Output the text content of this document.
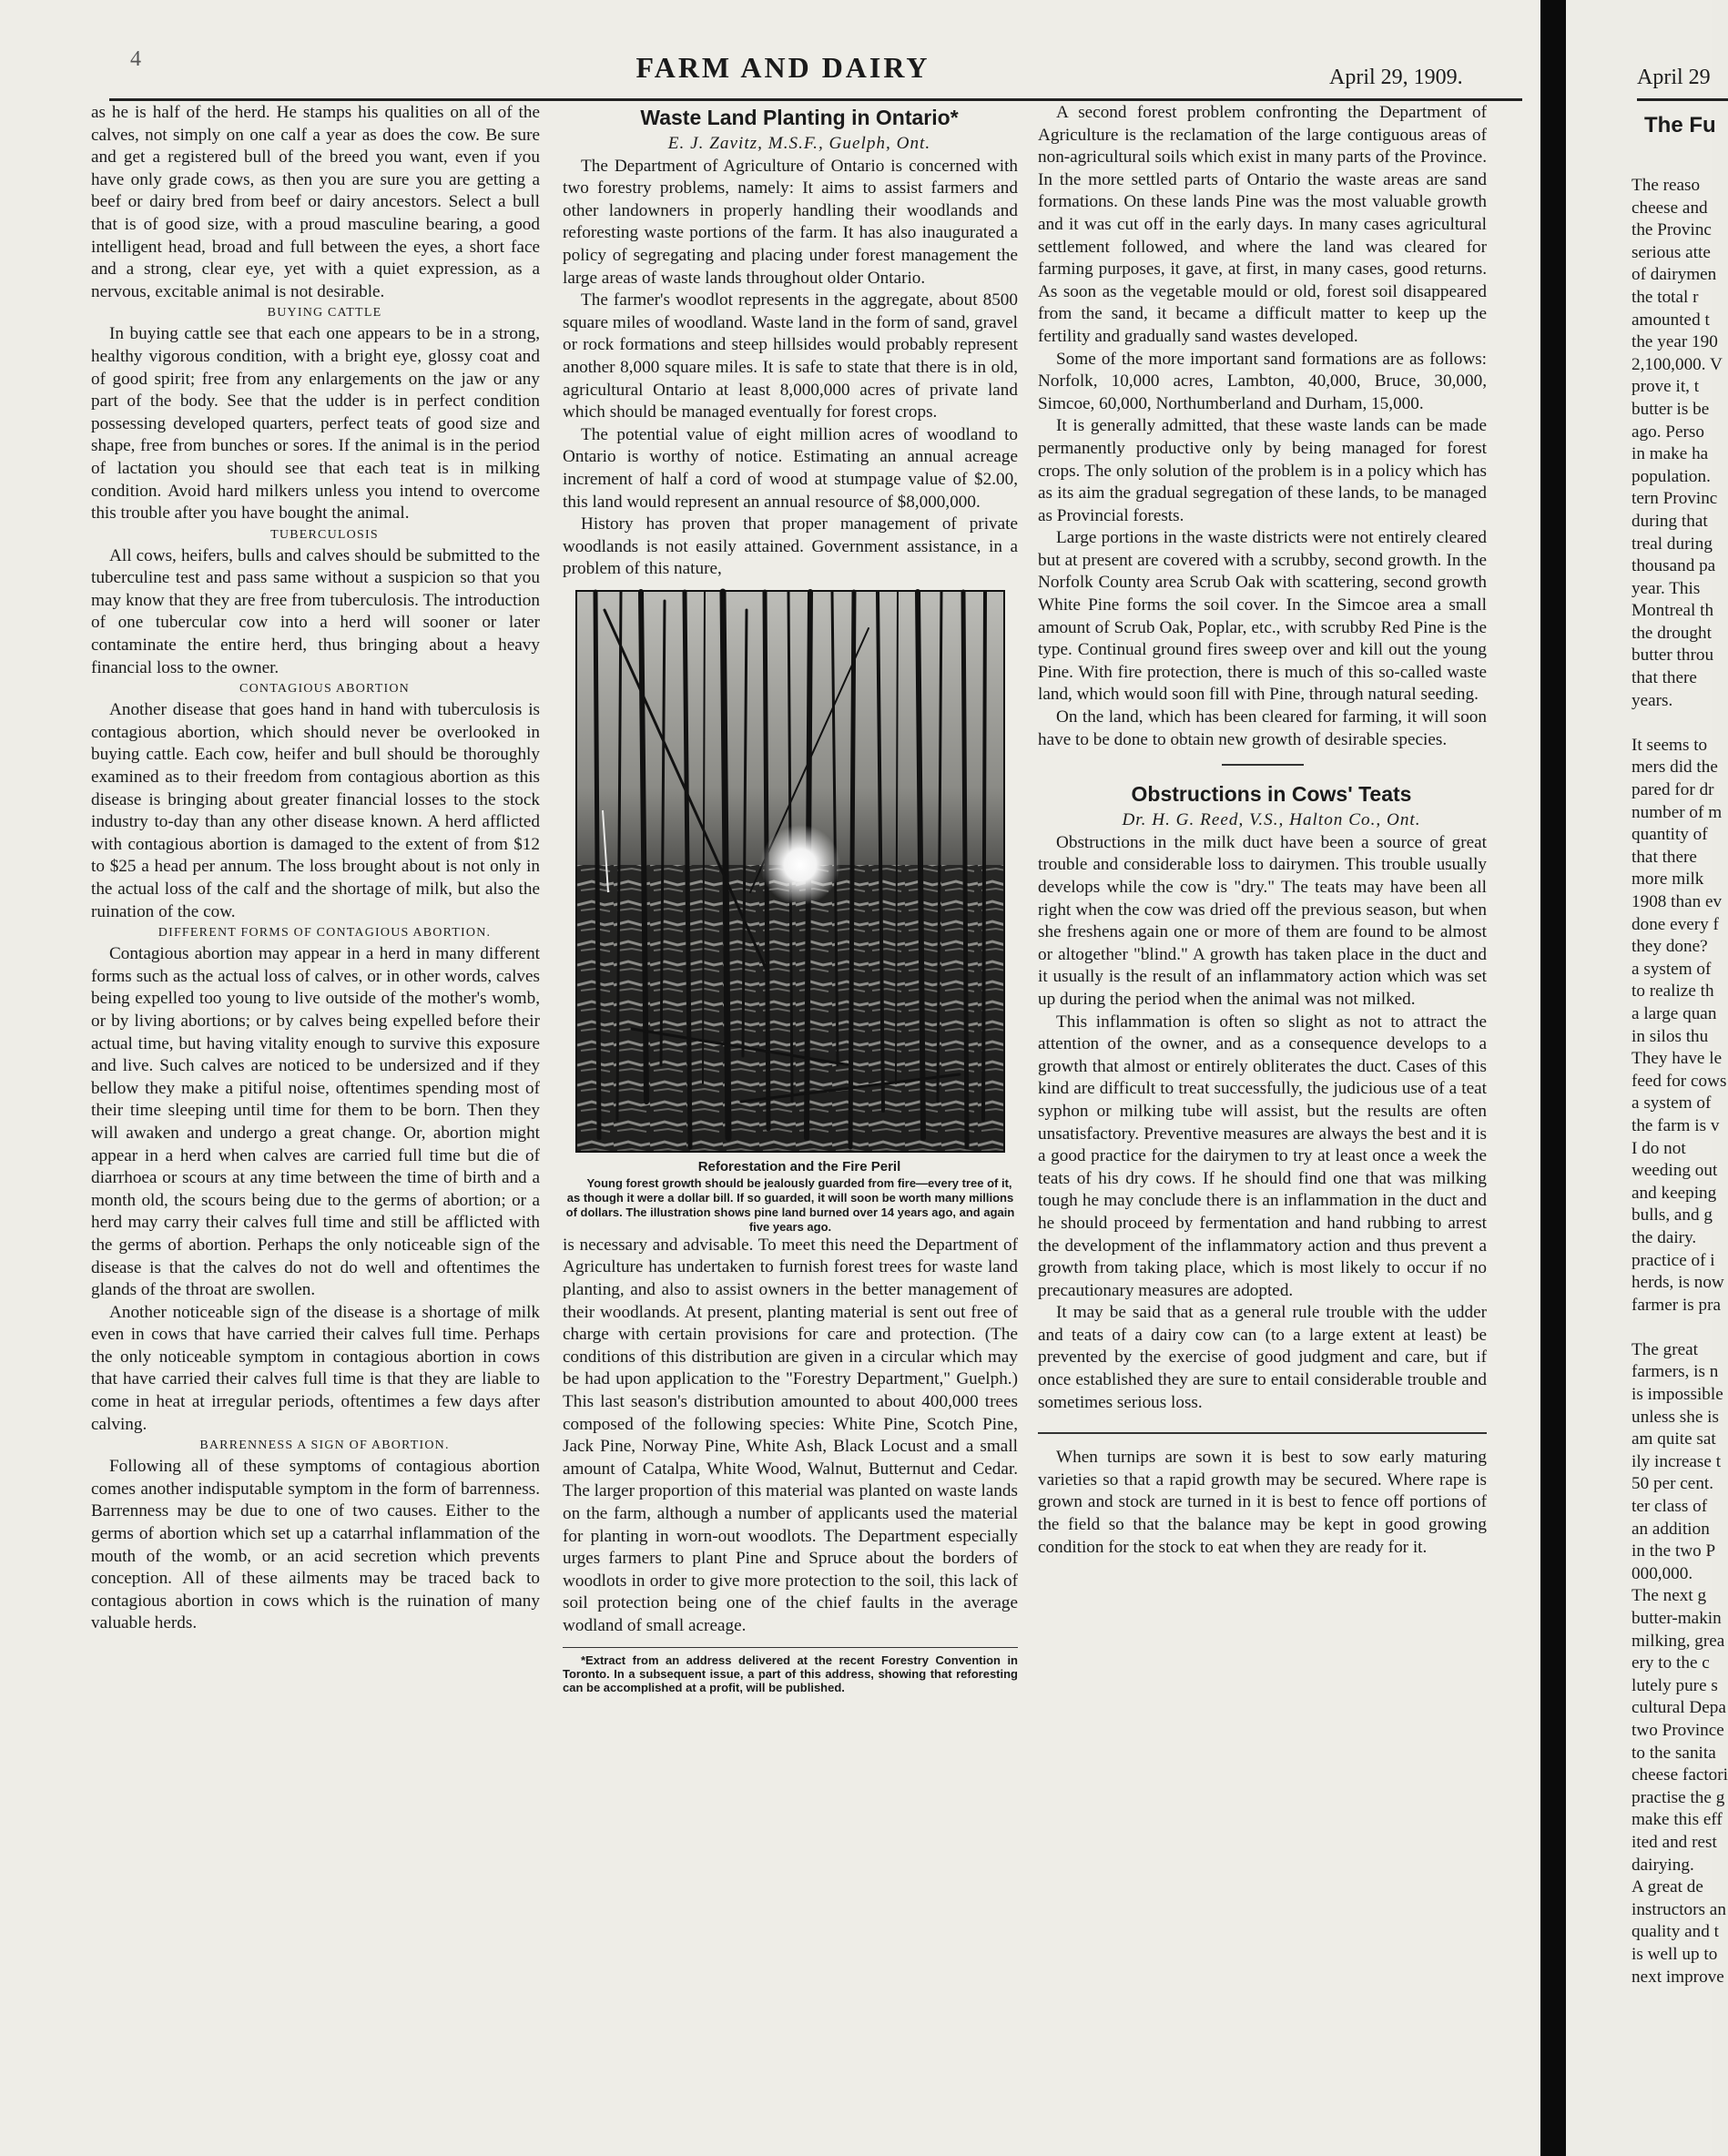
4	FARM AND DAIRY	April 29, 1909.

as he is half of the herd. He stamps his qualities on all of the calves, not simply on one calf a year as does the cow. Be sure and get a registered bull of the breed you want, even if you have only grade cows, as then you are sure you are getting a beef or dairy bred from beef or dairy ancestors. Select a bull that is of good size, with a proud masculine bearing, a good intelligent head, broad and full between the eyes, a short face and a strong, clear eye, yet with a quiet expression, as a nervous, excitable animal is not desirable.

BUYING CATTLE

In buying cattle see that each one appears to be in a strong, healthy vigorous condition, with a bright eye, glossy coat and of good spirit; free from any enlargements on the jaw or any part of the body. See that the udder is in perfect condition possessing developed quarters, perfect teats of good size and shape, free from bunches or sores. If the animal is in the period of lactation you should see that each teat is in milking condition. Avoid hard milkers unless you intend to overcome this trouble after you have bought the animal.

TUBERCULOSIS

All cows, heifers, bulls and calves should be submitted to the tuberculine test and pass same without a suspicion so that you may know that they are free from tuberculosis. The introduction of one tubercular cow into a herd will sooner or later contaminate the entire herd, thus bringing about a heavy financial loss to the owner.

CONTAGIOUS ABORTION

Another disease that goes hand in hand with tuberculosis is contagious abortion, which should never be overlooked in buying cattle. Each cow, heifer and bull should be thoroughly examined as to their freedom from contagious abortion as this disease is bringing about greater financial losses to the stock industry to-day than any other disease known. A herd afflicted with contagious abortion is damaged to the extent of from $12 to $25 a head per annum. The loss brought about is not only in the actual loss of the calf and the shortage of milk, but also the ruination of the cow.

DIFFERENT FORMS OF CONTAGIOUS ABORTION.

Contagious abortion may appear in a herd in many different forms such as the actual loss of calves, or in other words, calves being expelled too young to live outside of the mother's womb, or by living abortions; or by calves being expelled before their actual time, but having vitality enough to survive this exposure and live. Such calves are noticed to be undersized and if they bellow they make a pitiful noise, oftentimes spending most of their time sleeping until time for them to be born. Then they will awaken and undergo a great change. Or, abortion might appear in a herd when calves are carried full time but die of diarrhoea or scours at any time between the time of birth and a month old, the scours being due to the germs of abortion; or a herd may carry their calves full time and still be afflicted with the germs of abortion. Perhaps the only noticeable sign of the disease is that the calves do not do well and oftentimes the glands of the throat are swollen.

Another noticeable sign of the disease is a shortage of milk even in cows that have carried their calves full time. Perhaps the only noticeable symptom in contagious abortion in cows that have carried their calves full time is that they are liable to come in heat at irregular periods, oftentimes a few days after calving.

BARRENNESS A SIGN OF ABORTION.

Following all of these symptoms of contagious abortion comes another indisputable symptom in the form of barrenness. Barrenness may be due to one of two causes. Either to the germs of abortion which set up a catarrhal inflammation of the mouth of the womb, or an acid secretion which prevents conception. All of these ailments may be traced back to contagious abortion in cows which is the ruination of many valuable herds.

Waste Land Planting in Ontario*

E. J. Zavitz, M.S.F., Guelph, Ont.

The Department of Agriculture of Ontario is concerned with two forestry problems, namely: It aims to assist farmers and other landowners in properly handling their woodlands and reforesting waste portions of the farm. It has also inaugurated a policy of segregating and placing under forest management the large areas of waste lands throughout older Ontario.

The farmer's woodlot represents in the aggregate, about 8500 square miles of woodland. Waste land in the form of sand, gravel or rock formations and steep hillsides would probably represent another 8,000 square miles. It is safe to state that there is in old, agricultural Ontario at least 8,000,000 acres of private land which should be managed eventually for forest crops.

The potential value of eight million acres of woodland to Ontario is worthy of notice. Estimating an annual acreage increment of half a cord of wood at stumpage value of $2.00, this land would represent an annual resource of $8,000,000.

History has proven that proper management of private woodlands is not easily attained. Government assistance, in a problem of this nature,

Reforestation and the Fire Peril

Young forest growth should be jealously guarded from fire—every tree of it, as though it were a dollar bill. If so guarded, it will soon be worth many millions of dollars. The illustration shows pine land burned over 14 years ago, and again five years ago.

is necessary and advisable. To meet this need the Department of Agriculture has undertaken to furnish forest trees for waste land planting, and also to assist owners in the better management of their woodlands. At present, planting material is sent out free of charge with certain provisions for care and protection. (The conditions of this distribution are given in a circular which may be had upon application to the "Forestry Department," Guelph.) This last season's distribution amounted to about 400,000 trees composed of the following species: White Pine, Scotch Pine, Jack Pine, Norway Pine, White Ash, Black Locust and a small amount of Catalpa, White Wood, Walnut, Butternut and Cedar. The larger proportion of this material was planted on waste lands on the farm, although a number of applicants used the material for planting in worn-out woodlots. The Department especially urges farmers to plant Pine and Spruce about the borders of woodlots in order to give more protection to the soil, this lack of soil protection being one of the chief faults in the average wodland of small acreage.

*Extract from an address delivered at the recent Forestry Convention in Toronto. In a subsequent issue, a part of this address, showing that reforesting can be accomplished at a profit, will be published.

A second forest problem confronting the Department of Agriculture is the reclamation of the large contiguous areas of non-agricultural soils which exist in many parts of the Province. In the more settled parts of Ontario the waste areas are sand formations. On these lands Pine was the most valuable growth and it was cut off in the early days. In many cases agricultural settlement followed, and where the land was cleared for farming purposes, it gave, at first, in many cases, good returns. As soon as the vegetable mould or old, forest soil disappeared from the sand, it became a difficult matter to keep up the fertility and gradually sand wastes developed.

Some of the more important sand formations are as follows: Norfolk, 10,000 acres, Lambton, 40,000, Bruce, 30,000, Simcoe, 60,000, Northumberland and Durham, 15,000.

It is generally admitted, that these waste lands can be made permanently productive only by being managed for forest crops. The only solution of the problem is in a policy which has as its aim the gradual segregation of these lands, to be managed as Provincial forests.

Large portions in the waste districts were not entirely cleared but at present are covered with a scrubby, second growth. In the Norfolk County area Scrub Oak with scattering, second growth White Pine forms the soil cover. In the Simcoe area a small amount of Scrub Oak, Poplar, etc., with scrubby Red Pine is the type. Continual ground fires sweep over and kill out the young Pine. With fire protection, there is much of this so-called waste land, which would soon fill with Pine, through natural seeding.

On the land, which has been cleared for farming, it will soon have to be done to obtain new growth of desirable species.

Obstructions in Cows' Teats

Dr. H. G. Reed, V.S., Halton Co., Ont.

Obstructions in the milk duct have been a source of great trouble and considerable loss to dairymen. This trouble usually develops while the cow is "dry." The teats may have been all right when the cow was dried off the previous season, but when she freshens again one or more of them are found to be almost or altogether "blind." A growth has taken place in the duct and it usually is the result of an inflammatory action which was set up during the period when the animal was not milked.

This inflammation is often so slight as not to attract the attention of the owner, and as a consequence develops to a growth that almost or entirely obliterates the duct. Cases of this kind are difficult to treat successfully, the judicious use of a teat syphon or milking tube will assist, but the results are often unsatisfactory. Preventive measures are always the best and it is a good practice for the dairymen to try at least once a week the teats of his dry cows. If he should find one that was milking tough he may conclude there is an inflammation in the duct and he should proceed by fermentation and hand rubbing to arrest the development of the inflammatory action and thus prevent a growth from taking place, which is most likely to occur if no precautionary measures are adopted.

It may be said that as a general rule trouble with the udder and teats of a dairy cow can (to a large extent at least) be prevented by the exercise of good judgment and care, but if once established they are sure to entail considerable trouble and sometimes serious loss.

When turnips are sown it is best to sow early maturing varieties so that a rapid growth may be secured. Where rape is grown and stock are turned in it is best to fence off portions of the field so that the balance may be kept in good growing condition for the stock to eat when they are ready for it.

April 29
The Fu
The reaso
cheese and
the Provinc
serious atte
of dairymen
the total r
amounted t
the year 190
2,100,000. V
prove it, t
butter is be
ago. Perso
in make ha
population.
tern Provinc
during that
treal during
thousand pa
year. This
Montreal th
the drought
butter throu
that there
years.
It seems to
mers did the
pared for dr
number of m
quantity of
that there
more milk
1908 than ev
done every f
they done?
a system of
to realize th
a large quan
in silos thu
They have le
feed for cows
a system of
the farm is v
I do not
weeding out
and keeping
bulls, and g
the dairy.
practice of i
herds, is now
farmer is pra
The great
farmers, is n
is impossible
unless she is
am quite sat
ily increase t
50 per cent.
ter class of
an addition
in the two P
000,000.
The next g
butter-makin
milking, grea
ery to the c
lutely pure s
cultural Depa
two Province
to the sanita
cheese factori
practise the g
make this eff
ited and rest
dairying.
A great de
instructors an
quality and t
is well up to
next improve
